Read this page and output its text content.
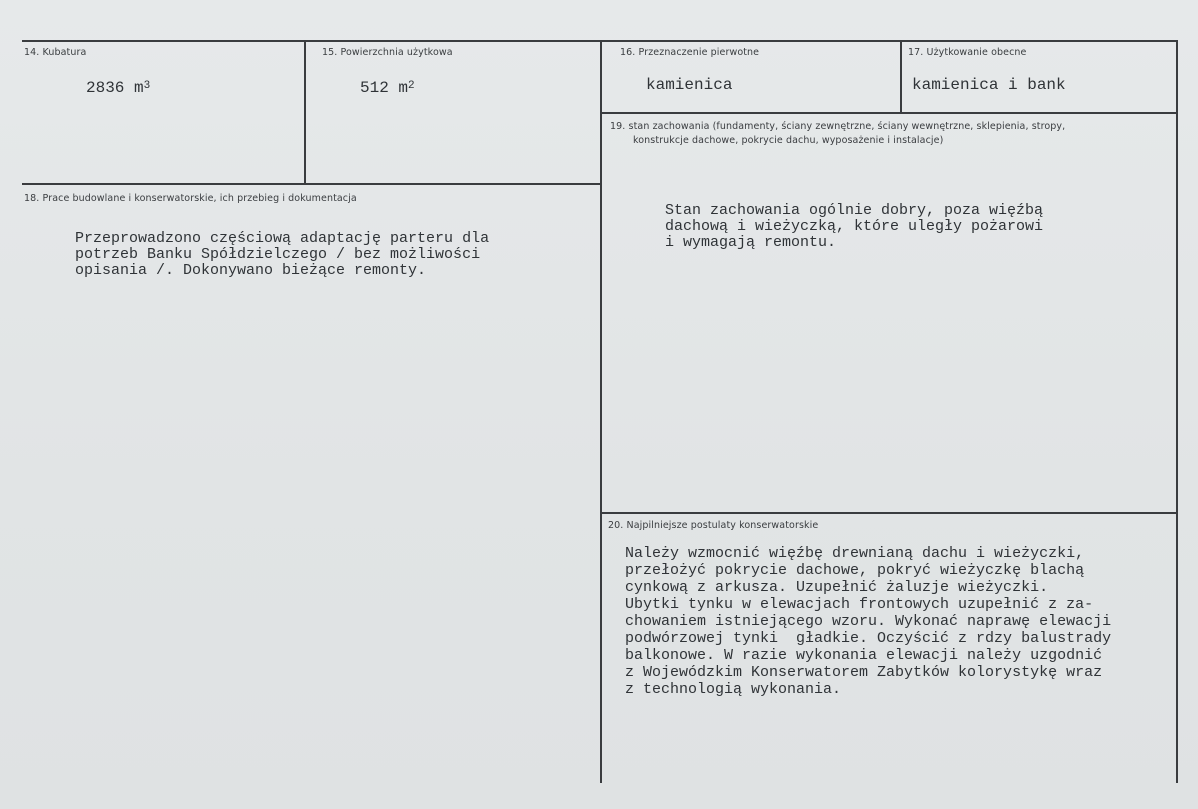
14. Kubatura
2836 $m^3$
15. Powierzchnia użytkowa
512 $m^2$
16. Przeznaczenie pierwotne
kamienica
17. Użytkowanie obecne
kamienica i bank
18. Prace budowlane i konserwatorskie, ich przebieg i dokumentacja
Przeprowadzono częściową adaptację parteru dla
potrzeb Banku Spółdzielczego / bez możliwości
opisania /. Dokonywano bieżące remonty.
19. stan zachowania (fundamenty, ściany zewnętrzne, ściany wewnętrzne, sklepienia, stropy,
konstrukcje dachowe, pokrycie dachu, wyposażenie i instalacje)
Stan zachowania ogólnie dobry, poza więźbą
dachową i wieżyczką, które uległy pożarowi
i wymagają remontu.
20. Najpilniejsze postulaty konserwatorskie
Należy wzmocnić więźbę drewnianą dachu i wieżyczki,
przełożyć pokrycie dachowe, pokryć wieżyczkę blachą
cynkową z arkusza. Uzupełnić żaluzje wieżyczki.
Ubytki tynku w elewacjach frontowych uzupełnić z za-
chowaniem istniejącego wzoru. Wykonać naprawę elewacji
podwórzowej tynki  gładkie. Oczyścić z rdzy balustrady
balkonowe. W razie wykonania elewacji należy uzgodnić
z Wojewódzkim Konserwatorem Zabytków kolorystykę wraz
z technologią wykonania.
